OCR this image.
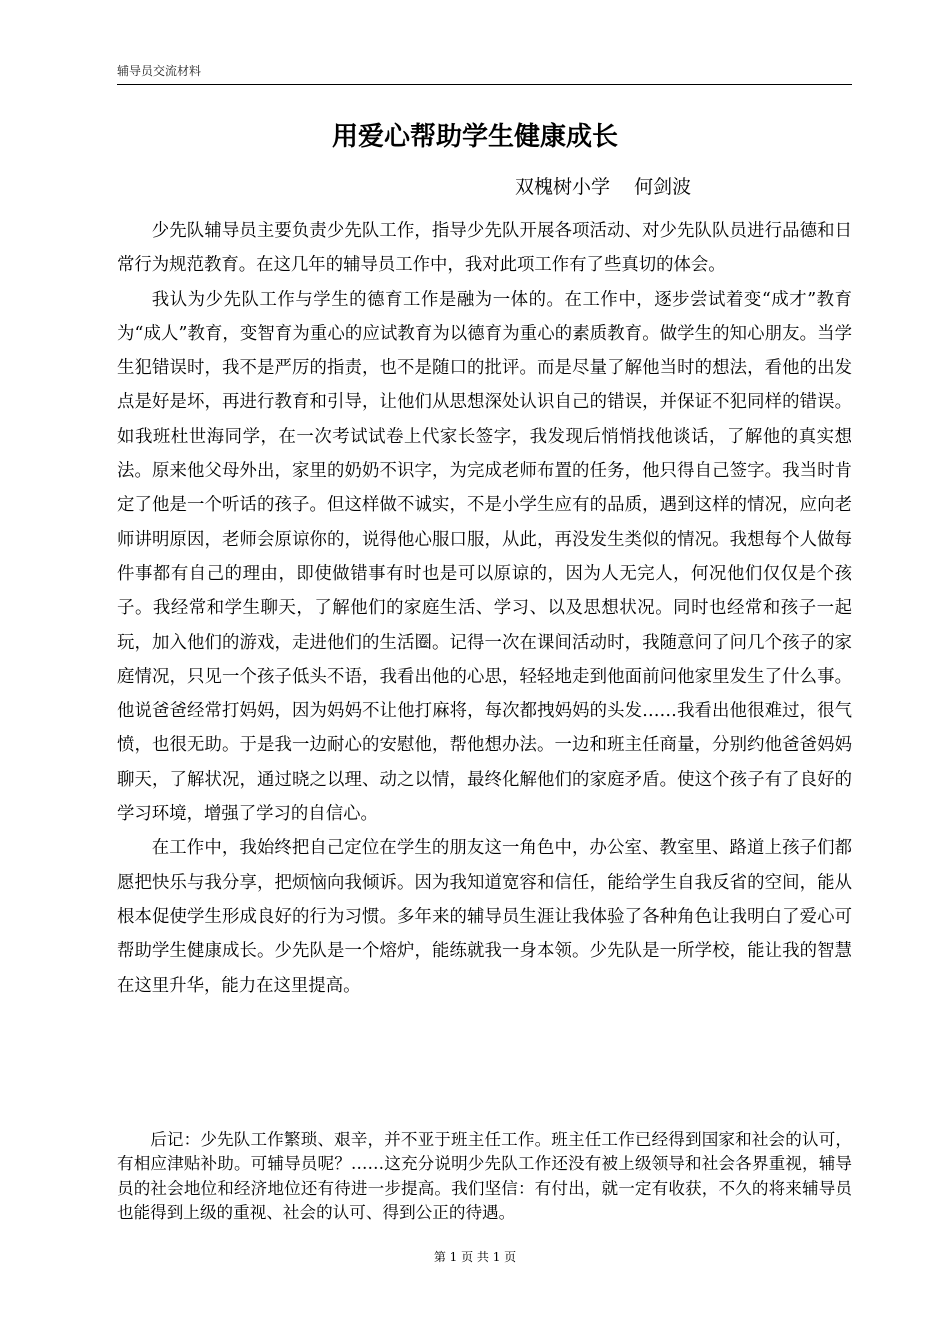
辅导员交流材料
用爱心帮助学生健康成长
双槐树小学    何剑波

少先队辅导员主要负责少先队工作，指导少先队开展各项活动、对少先队队员进行品德和日常行为规范教育。在这几年的辅导员工作中，我对此项工作有了些真切的体会。

我认为少先队工作与学生的德育工作是融为一体的。在工作中，逐步尝试着变“成才”教育为“成人”教育，变智育为重心的应试教育为以德育为重心的素质教育。做学生的知心朋友。当学生犯错误时，我不是严厉的指责，也不是随口的批评。而是尽量了解他当时的想法，看他的出发点是好是坏，再进行教育和引导，让他们从思想深处认识自己的错误，并保证不犯同样的错误。如我班杜世海同学，在一次考试试卷上代家长签字，我发现后悄悄找他谈话，了解他的真实想法。原来他父母外出，家里的奶奶不识字，为完成老师布置的任务，他只得自己签字。我当时肯定了他是一个听话的孩子。但这样做不诚实，不是小学生应有的品质，遇到这样的情况，应向老师讲明原因，老师会原谅你的，说得他心服口服，从此，再没发生类似的情况。我想每个人做每件事都有自己的理由，即使做错事有时也是可以原谅的，因为人无完人，何况他们仅仅是个孩子。我经常和学生聊天，了解他们的家庭生活、学习、以及思想状况。同时也经常和孩子一起玩，加入他们的游戏，走进他们的生活圈。记得一次在课间活动时，我随意问了问几个孩子的家庭情况，只见一个孩子低头不语，我看出他的心思，轻轻地走到他面前问他家里发生了什么事。他说爸爸经常打妈妈，因为妈妈不让他打麻将，每次都拽妈妈的头发……我看出他很难过，很气愤，也很无助。于是我一边耐心的安慰他，帮他想办法。一边和班主任商量，分别约他爸爸妈妈聊天，了解状况，通过晓之以理、动之以情，最终化解他们的家庭矛盾。使这个孩子有了良好的学习环境，增强了学习的自信心。

在工作中，我始终把自己定位在学生的朋友这一角色中，办公室、教室里、路道上孩子们都愿把快乐与我分享，把烦恼向我倾诉。因为我知道宽容和信任，能给学生自我反省的空间，能从根本促使学生形成良好的行为习惯。多年来的辅导员生涯让我体验了各种角色让我明白了爱心可帮助学生健康成长。少先队是一个熔炉，能练就我一身本领。少先队是一所学校，能让我的智慧在这里升华，能力在这里提高。

后记：少先队工作繁琐、艰辛，并不亚于班主任工作。班主任工作已经得到国家和社会的认可，有相应津贴补助。可辅导员呢？……这充分说明少先队工作还没有被上级领导和社会各界重视，辅导员的社会地位和经济地位还有待进一步提高。我们坚信：有付出，就一定有收获，不久的将来辅导员也能得到上级的重视、社会的认可、得到公正的待遇。

第 1 页 共 1 页
